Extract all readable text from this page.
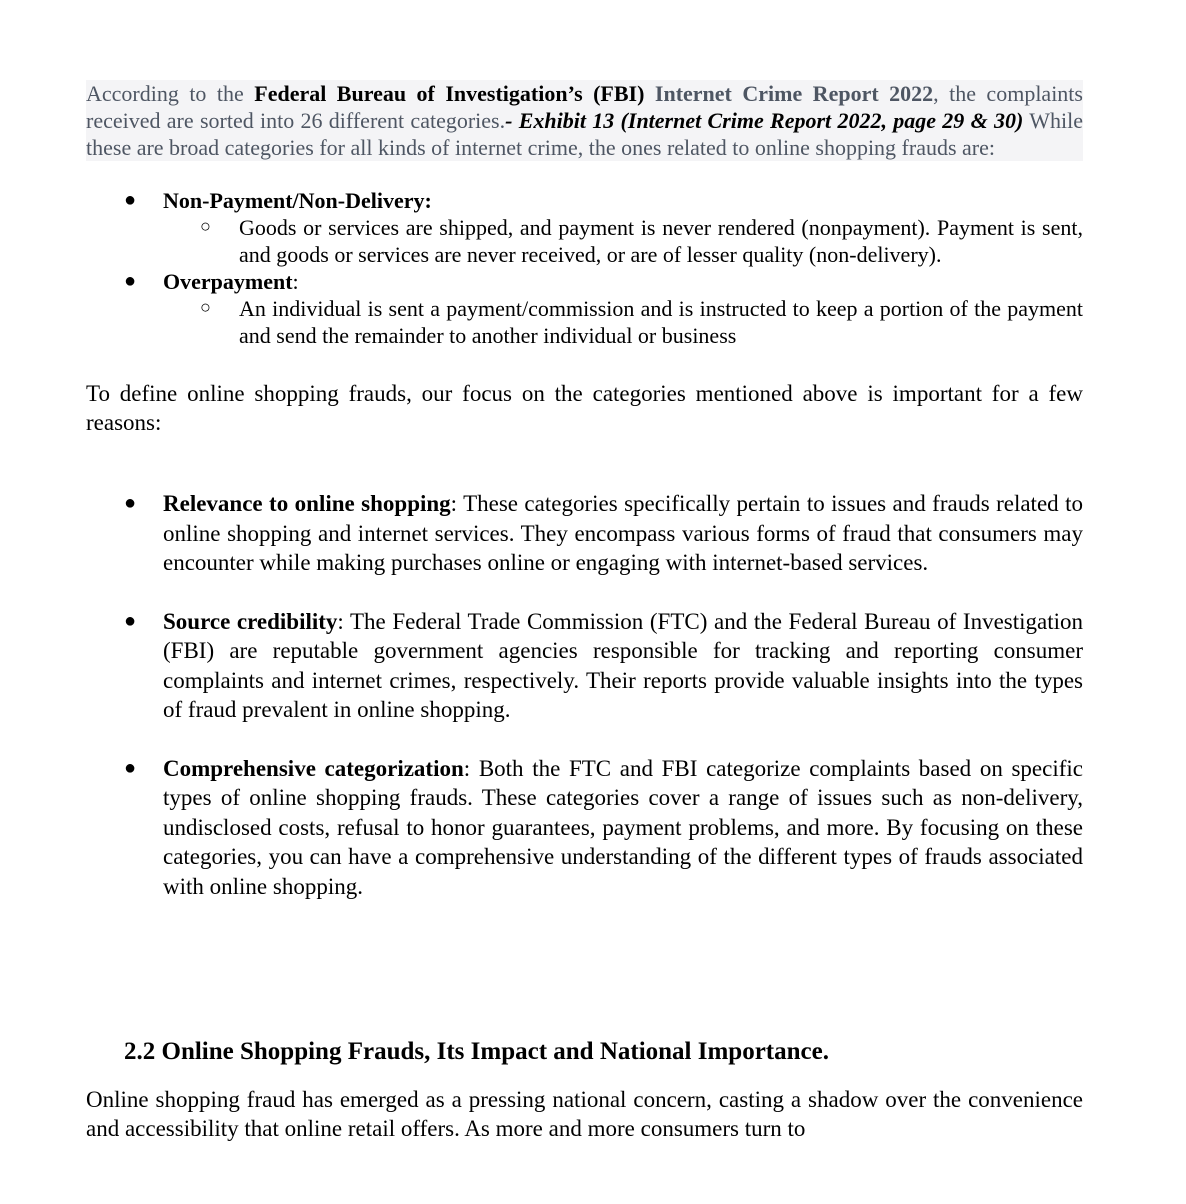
According to the Federal Bureau of Investigation’s (FBI) Internet Crime Report 2022, the complaints received are sorted into 26 different categories.- Exhibit 13 (Internet Crime Report 2022, page 29 & 30) While these are broad categories for all kinds of internet crime, the ones related to online shopping frauds are:
● Non-Payment/Non-Delivery:
○ Goods or services are shipped, and payment is never rendered (nonpayment). Payment is sent, and goods or services are never received, or are of lesser quality (non-delivery).
● Overpayment:
○ An individual is sent a payment/commission and is instructed to keep a portion of the payment and send the remainder to another individual or business

To define online shopping frauds, our focus on the categories mentioned above is important for a few reasons:

● Relevance to online shopping: These categories specifically pertain to issues and frauds related to online shopping and internet services. They encompass various forms of fraud that consumers may encounter while making purchases online or engaging with internet-based services.
● Source credibility: The Federal Trade Commission (FTC) and the Federal Bureau of Investigation (FBI) are reputable government agencies responsible for tracking and reporting consumer complaints and internet crimes, respectively. Their reports provide valuable insights into the types of fraud prevalent in online shopping.
● Comprehensive categorization: Both the FTC and FBI categorize complaints based on specific types of online shopping frauds. These categories cover a range of issues such as non-delivery, undisclosed costs, refusal to honor guarantees, payment problems, and more. By focusing on these categories, you can have a comprehensive understanding of the different types of frauds associated with online shopping.
2.2 Online Shopping Frauds, Its Impact and National Importance.

Online shopping fraud has emerged as a pressing national concern, casting a shadow over the convenience and accessibility that online retail offers. As more and more consumers turn to
